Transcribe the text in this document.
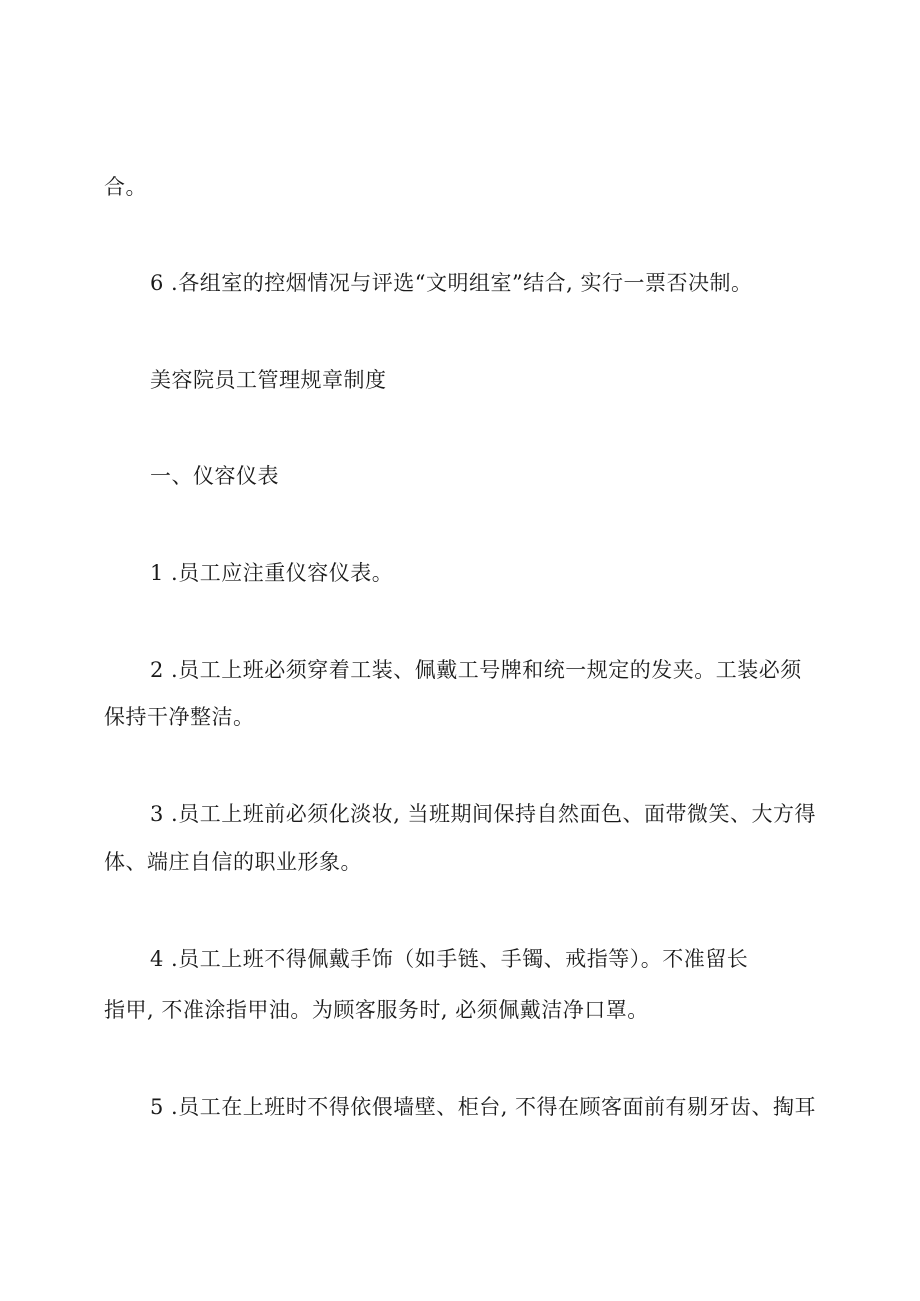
合。
6 .各组室的控烟情况与评选“文明组室”结合, 实行一票否决制。
美容院员工管理规章制度
一、仪容仪表
1 .员工应注重仪容仪表。
2 .员工上班必须穿着工装、佩戴工号牌和统一规定的发夹。工装必须
保持干净整洁。
3 .员工上班前必须化淡妆, 当班期间保持自然面色、面带微笑、大方得
体、端庄自信的职业形象。
4 .员工上班不得佩戴手饰（如手链、手镯、戒指等）。不准留长
指甲, 不准涂指甲油。为顾客服务时, 必须佩戴洁净口罩。
5 .员工在上班时不得依偎墙壁、柜台, 不得在顾客面前有剔牙齿、掏耳
